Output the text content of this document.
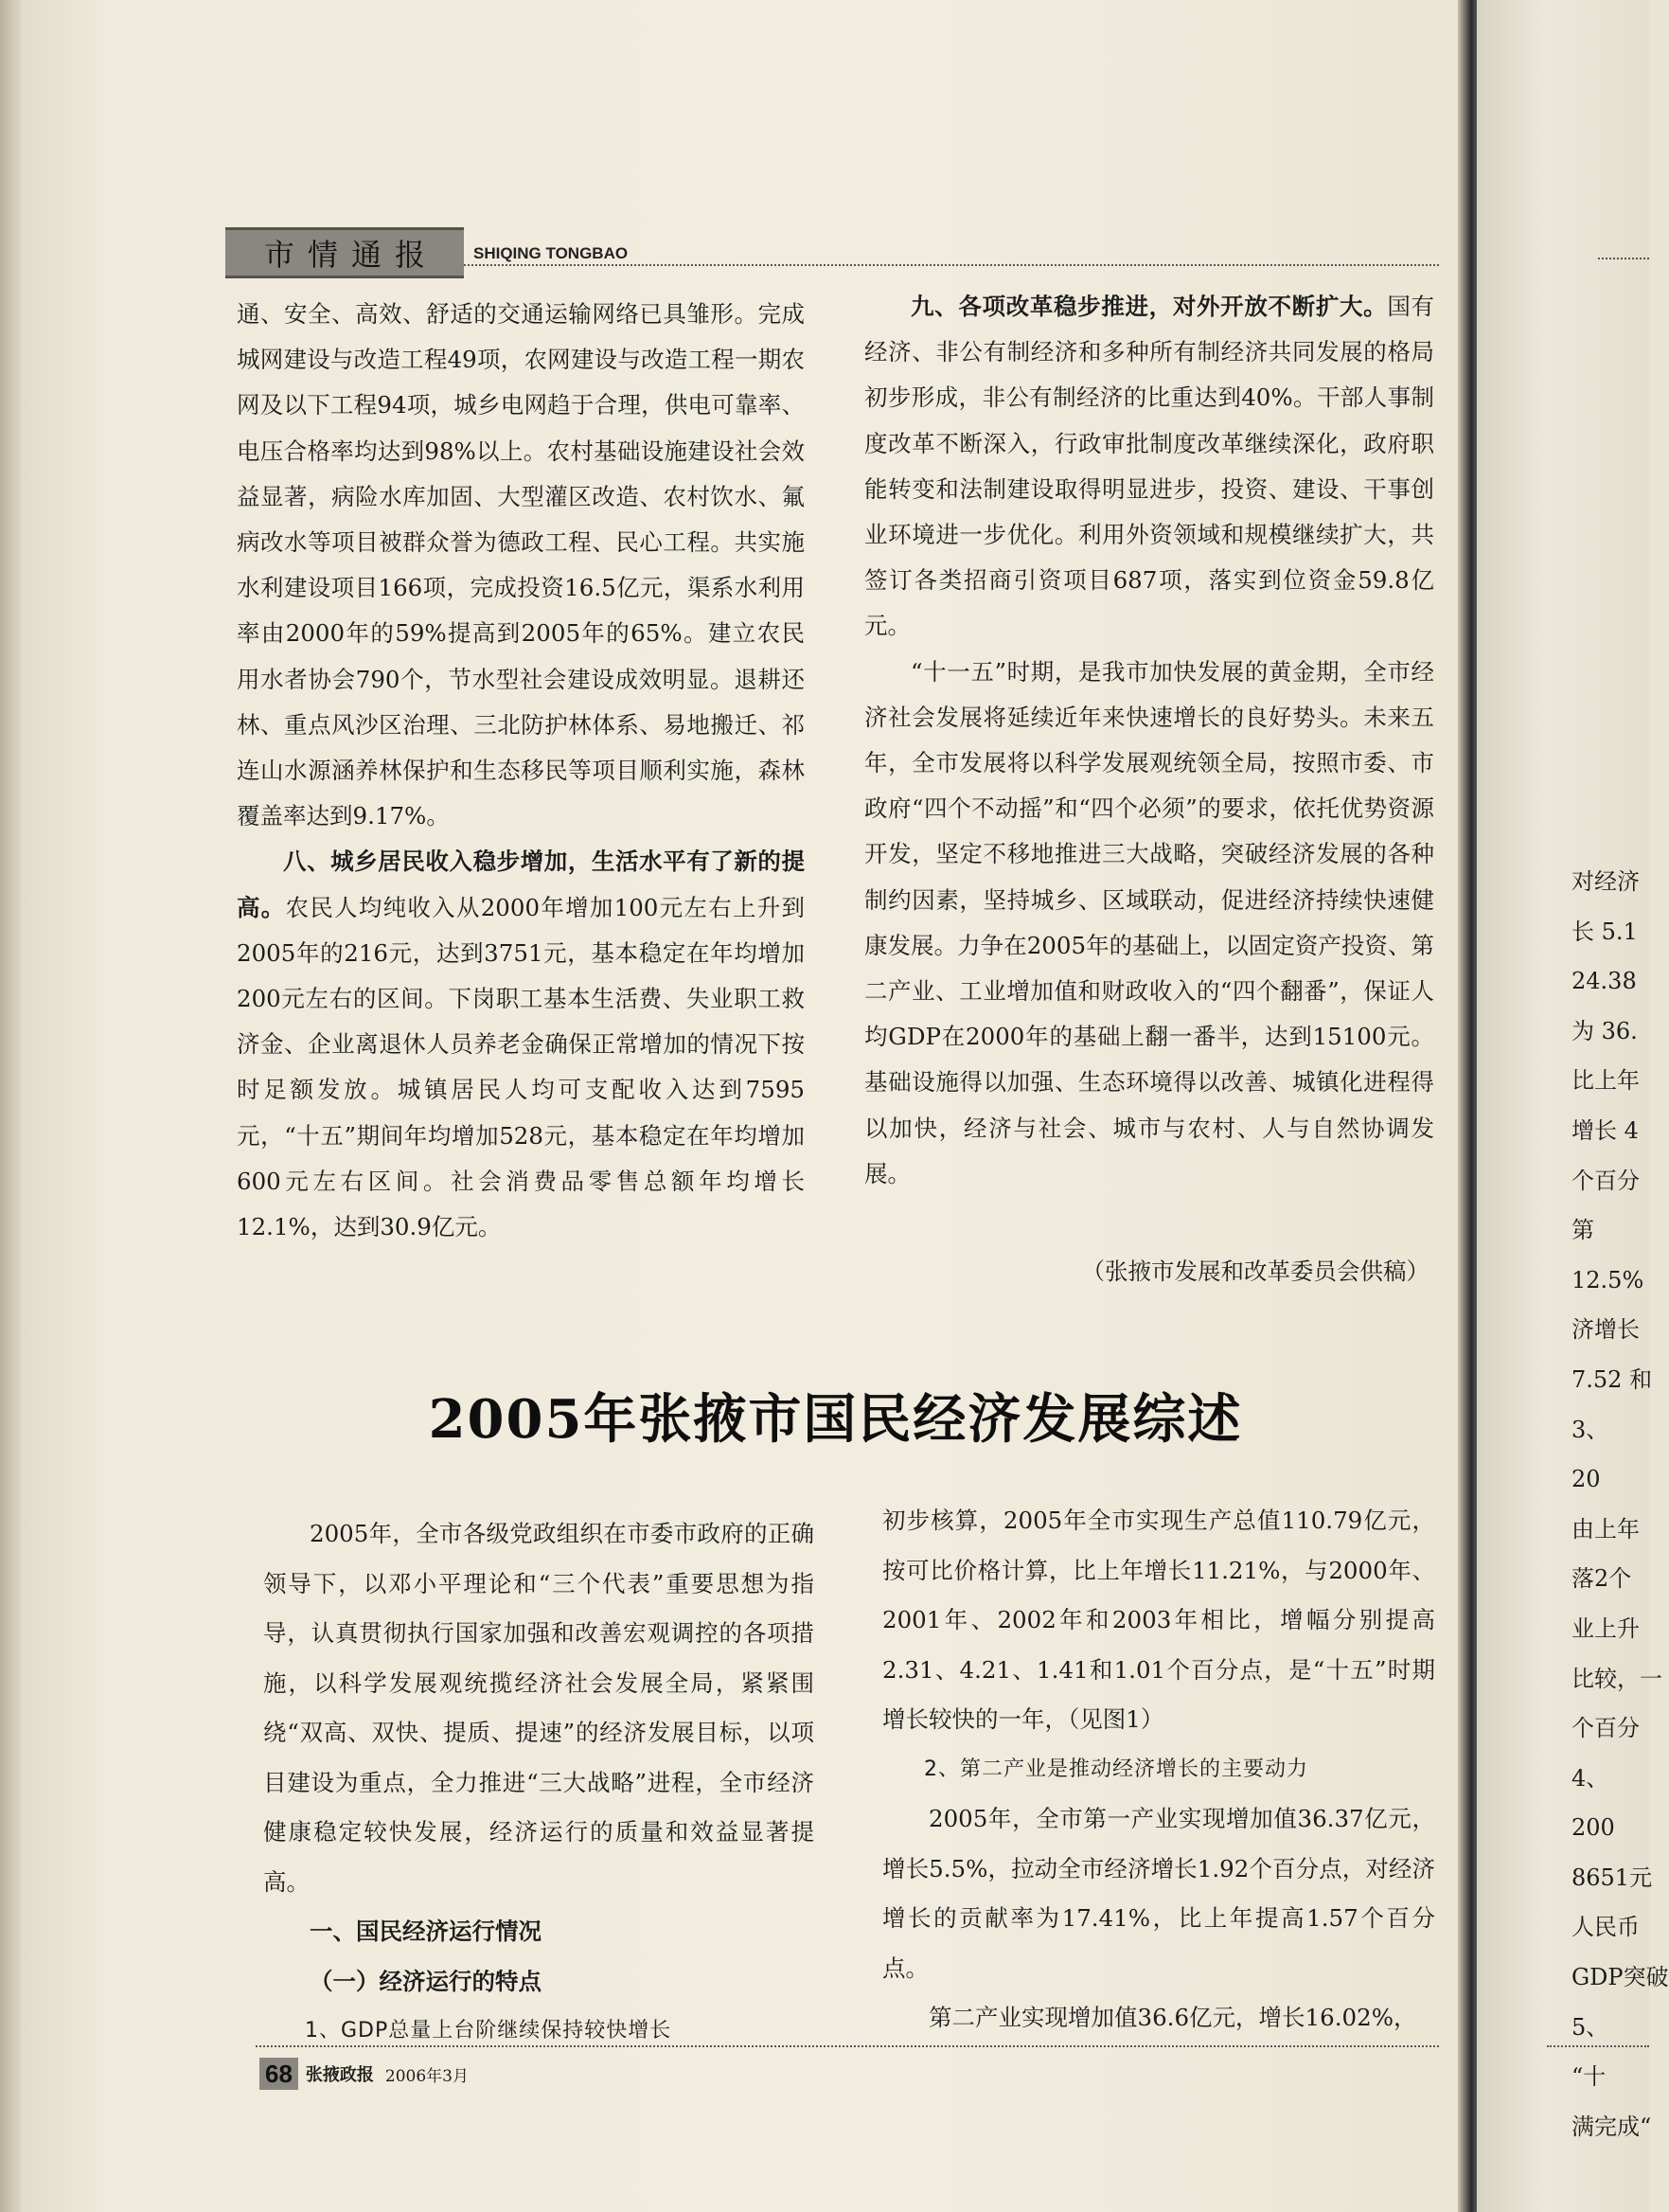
市情通报 SHIQING TONGBAO

通、安全、高效、舒适的交通运输网络已具雏形。完成城网建设与改造工程49项，农网建设与改造工程一期农网及以下工程94项，城乡电网趋于合理，供电可靠率、电压合格率均达到98%以上。农村基础设施建设社会效益显著，病险水库加固、大型灌区改造、农村饮水、氟病改水等项目被群众誉为德政工程、民心工程。共实施水利建设项目166项，完成投资16.5亿元，渠系水利用率由2000年的59%提高到2005年的65%。建立农民用水者协会790个，节水型社会建设成效明显。退耕还林、重点风沙区治理、三北防护林体系、易地搬迁、祁连山水源涵养林保护和生态移民等项目顺利实施，森林覆盖率达到9.17%。

八、城乡居民收入稳步增加，生活水平有了新的提高。农民人均纯收入从2000年增加100元左右上升到2005年的216元，达到3751元，基本稳定在年均增加200元左右的区间。下岗职工基本生活费、失业职工救济金、企业离退休人员养老金确保正常增加的情况下按时足额发放。城镇居民人均可支配收入达到7595元，“十五”期间年均增加528元，基本稳定在年均增加600元左右区间。社会消费品零售总额年均增长12.1%，达到30.9亿元。

九、各项改革稳步推进，对外开放不断扩大。国有经济、非公有制经济和多种所有制经济共同发展的格局初步形成，非公有制经济的比重达到40%。干部人事制度改革不断深入，行政审批制度改革继续深化，政府职能转变和法制建设取得明显进步，投资、建设、干事创业环境进一步优化。利用外资领域和规模继续扩大，共签订各类招商引资项目687项，落实到位资金59.8亿元。

“十一五”时期，是我市加快发展的黄金期，全市经济社会发展将延续近年来快速增长的良好势头。未来五年，全市发展将以科学发展观统领全局，按照市委、市政府“四个不动摇”和“四个必须”的要求，依托优势资源开发，坚定不移地推进三大战略，突破经济发展的各种制约因素，坚持城乡、区域联动，促进经济持续快速健康发展。力争在2005年的基础上，以固定资产投资、第二产业、工业增加值和财政收入的“四个翻番”，保证人均GDP在2000年的基础上翻一番半，达到15100元。基础设施得以加强、生态环境得以改善、城镇化进程得以加快，经济与社会、城市与农村、人与自然协调发展。

（张掖市发展和改革委员会供稿）
2005年张掖市国民经济发展综述

2005年，全市各级党政组织在市委市政府的正确领导下，以邓小平理论和“三个代表”重要思想为指导，认真贯彻执行国家加强和改善宏观调控的各项措施，以科学发展观统揽经济社会发展全局，紧紧围绕“双高、双快、提质、提速”的经济发展目标，以项目建设为重点，全力推进“三大战略”进程，全市经济健康稳定较快发展，经济运行的质量和效益显著提高。

一、国民经济运行情况

（一）经济运行的特点

1、GDP总量上台阶继续保持较快增长

初步核算，2005年全市实现生产总值110.79亿元，按可比价格计算，比上年增长11.21%，与2000年、2001年、2002年和2003年相比，增幅分别提高2.31、4.21、1.41和1.01个百分点，是“十五”时期增长较快的一年，（见图1）

2、第二产业是推动经济增长的主要动力

2005年，全市第一产业实现增加值36.37亿元，增长5.5%，拉动全市经济增长1.92个百分点，对经济增长的贡献率为17.41%，比上年提高1.57个百分点。

第二产业实现增加值36.6亿元，增长16.02%，

68 张掖政报 2006年3月
对经济
长 5.1
24.38
为 36.
比上年
增长 4
个百分
第
12.5%
济增长
7.52 和
3、
20
由上年
落2个
业上升
比较，一
个百分
4、
200
8651元
人民币
GDP突破
5、
“十
满完成“
